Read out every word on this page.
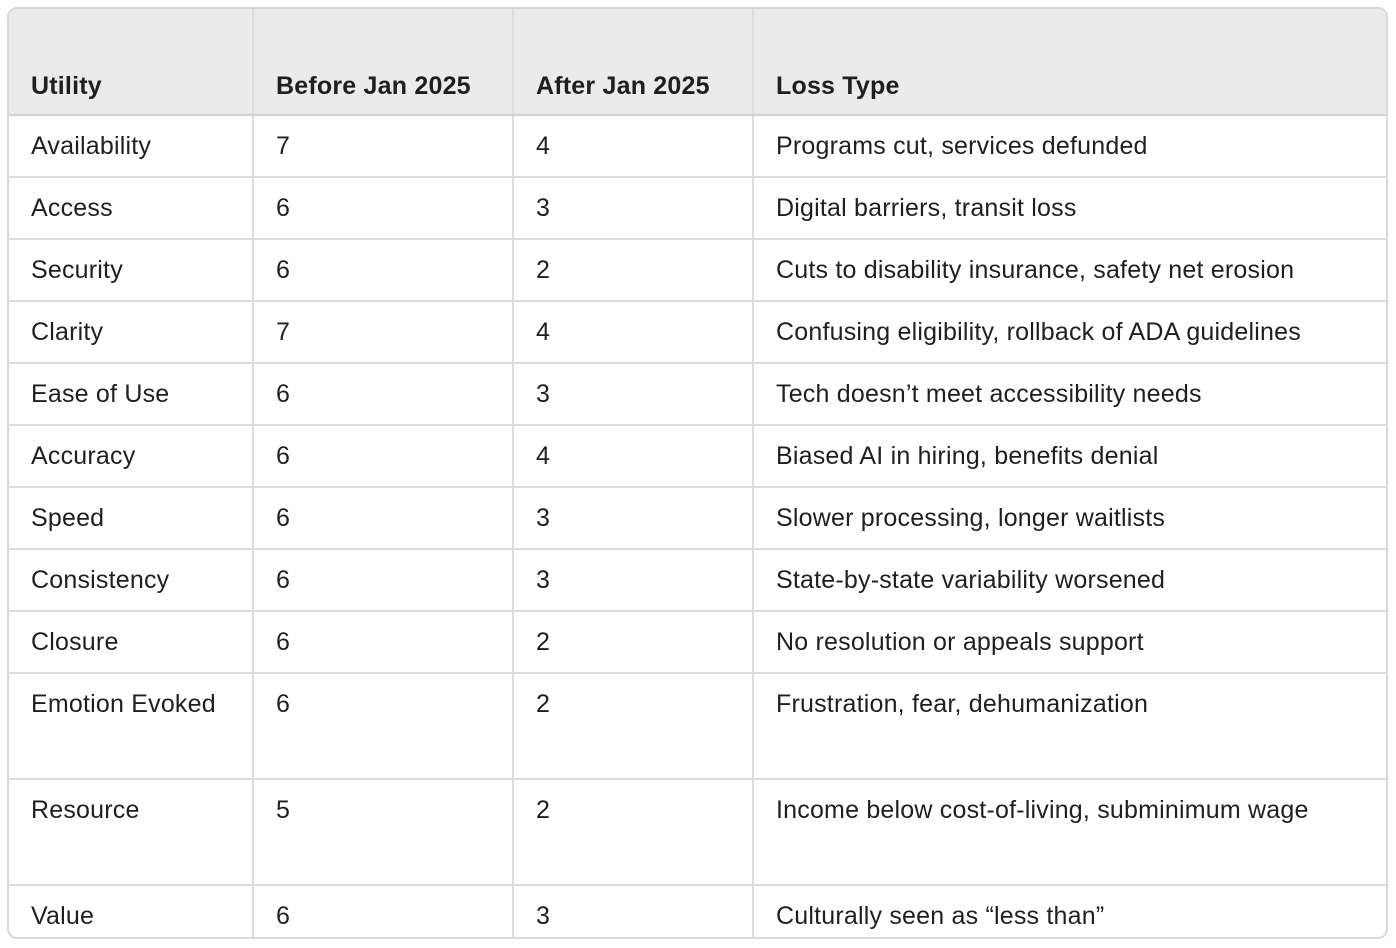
Utility	Before Jan 2025	After Jan 2025	Loss Type
Availability	7	4	Programs cut, services defunded
Access	6	3	Digital barriers, transit loss
Security	6	2	Cuts to disability insurance, safety net erosion
Clarity	7	4	Confusing eligibility, rollback of ADA guidelines
Ease of Use	6	3	Tech doesn’t meet accessibility needs
Accuracy	6	4	Biased AI in hiring, benefits denial
Speed	6	3	Slower processing, longer waitlists
Consistency	6	3	State-by-state variability worsened
Closure	6	2	No resolution or appeals support
Emotion Evoked	6	2	Frustration, fear, dehumanization
Resource	5	2	Income below cost-of-living, subminimum wage
Value	6	3	Culturally seen as “less than”
